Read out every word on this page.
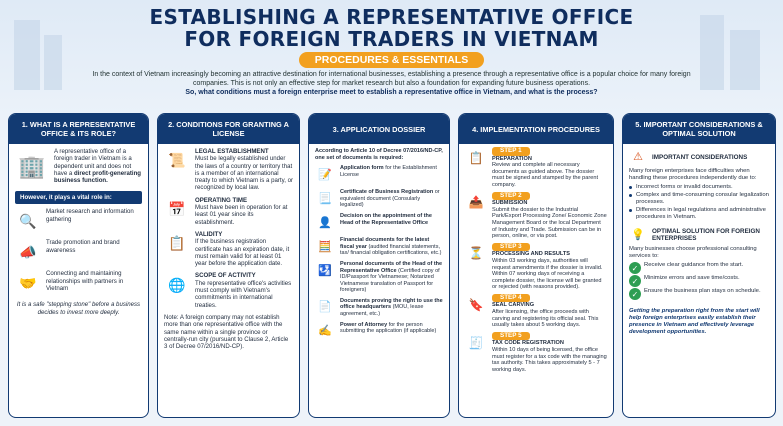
ESTABLISHING A REPRESENTATIVE OFFICE
FOR FOREIGN TRADERS IN VIETNAM
PROCEDURES & ESSENTIALS
In the context of Vietnam increasingly becoming an attractive destination for international businesses, establishing a presence through a representative office is a popular choice for many foreign companies. This is not only an effective step for market research but also a foundation for expanding future business operations.
So, what conditions must a foreign enterprise meet to establish a representative office in Vietnam, and what is the process?
1. WHAT IS A REPRESENTATIVE OFFICE & ITS ROLE?
🏢
A representative office of a foreign trader in Vietnam is a dependent unit and does not have a direct profit-generating business function.
However, it plays a vital role in:
🔍
Market research and information gathering
📣
Trade promotion and brand awareness
🤝
Connecting and maintaining relationships with partners in Vietnam
It is a safe "stepping stone" before a business decides to invest more deeply.
2. CONDITIONS FOR GRANTING A LICENSE
📜
LEGAL ESTABLISHMENT
Must be legally established under the laws of a country or territory that is a member of an international treaty to which Vietnam is a party, or recognized by local law.
📅
OPERATING TIME
Must have been in operation for at least 01 year since its establishment.
📋
VALIDITY
If the business registration certificate has an expiration date, it must remain valid for at least 01 year before the application date.
🌐
SCOPE OF ACTIVITY
The representative office's activities must comply with Vietnam's commitments in international treaties.
Note: A foreign company may not establish more than one representative office with the same name within a single province or centrally-run city (pursuant to Clause 2, Article 3 of Decree 07/2016/ND-CP).
3. APPLICATION DOSSIER
According to Article 10 of Decree 07/2016/ND-CP, one set of documents is required:
📝
Application form for the Establishment License
📃
Certificate of Business Registration or equivalent document (Consularly legalized)
👤
Decision on the appointment of the Head of the Representative Office
🧮
Financial documents for the latest fiscal year (audited financial statements, tax/ financial obligation certifications, etc.)
🛂
Personal documents of the Head of the Representative Office (Certified copy of ID/Passport for Vietnamese; Notarized Vietnamese translation of Passport for foreigners)
📄
Documents proving the right to use the office headquarters (MOU, lease agreement, etc.)
✍
Power of Attorney for the person submitting the application (if applicable)
4. IMPLEMENTATION PROCEDURES
📋
STEP 1
PREPARATION
Review and complete all necessary documents as guided above. The dossier must be signed and stamped by the parent company.
📤
STEP 2
SUBMISSION
Submit the dossier to the Industrial Park/Export Processing Zone/ Economic Zone Management Board or the local Department of Industry and Trade. Submission can be in person, online, or via post.
⏳
STEP 3
PROCESSING AND RESULTS
Within 03 working days, authorities will request amendments if the dossier is invalid. Within 07 working days of receiving a complete dossier, the license will be granted or rejected (with reasons provided).
🔖
STEP 4
SEAL CARVING
After licensing, the office proceeds with carving and registering its official seal. This usually takes about 5 working days.
🧾
STEP 5
TAX CODE REGISTRATION
Within 10 days of being licensed, the office must register for a tax code with the managing tax authority. This takes approximately 5 - 7 working days.
5. IMPORTANT CONSIDERATIONS & OPTIMAL SOLUTION
⚠	IMPORTANT CONSIDERATIONS
Many foreign enterprises face difficulties when handling these procedures independently due to:
Incorrect forms or invalid documents.
Complex and time-consuming consular legalization processes.
Differences in legal regulations and administrative procedures in Vietnam.
💡	OPTIMAL SOLUTION FOR FOREIGN ENTERPRISES
Many businesses choose professional consulting services to:
✓ Receive clear guidance from the start.
✓ Minimize errors and save time/costs.
✓ Ensure the business plan stays on schedule.
Getting the preparation right from the start will help foreign enterprises easily establish their presence in Vietnam and effectively leverage development opportunities.
